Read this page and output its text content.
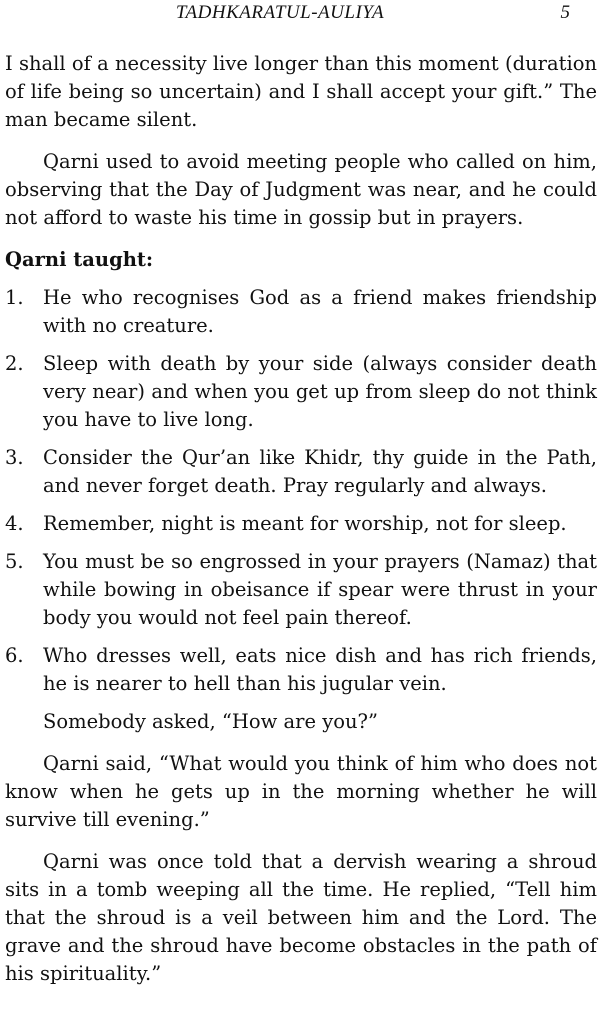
TADHKARATUL-AULIYA	5

I shall of a necessity live longer than this moment (duration of life being so uncertain) and I shall accept your gift.” The man became silent.

Qarni used to avoid meeting people who called on him, observing that the Day of Judgment was near, and he could not afford to waste his time in gossip but in prayers.

Qarni taught:
1. He who recognises God as a friend makes friendship with no creature.
2. Sleep with death by your side (always consider death very near) and when you get up from sleep do not think you have to live long.
3. Consider the Qur’an like Khidr, thy guide in the Path, and never forget death. Pray regularly and always.
4. Remember, night is meant for worship, not for sleep.
5. You must be so engrossed in your prayers (Namaz) that while bowing in obeisance if spear were thrust in your body you would not feel pain thereof.
6. Who dresses well, eats nice dish and has rich friends, he is nearer to hell than his jugular vein.

Somebody asked, “How are you?”

Qarni said, “What would you think of him who does not know when he gets up in the morning whether he will survive till evening.”

Qarni was once told that a dervish wearing a shroud sits in a tomb weeping all the time. He replied, “Tell him that the shroud is a veil between him and the Lord. The grave and the shroud have become obstacles in the path of his spirituality.”
